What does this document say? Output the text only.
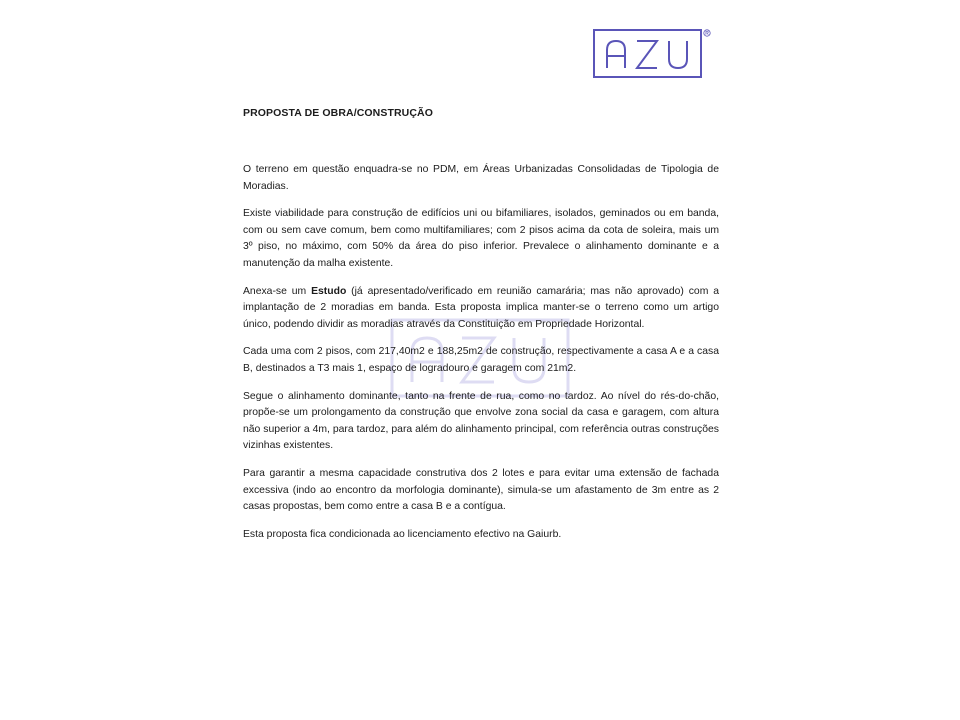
PROPOSTA DE OBRA/CONSTRUÇÃO

O terreno em questão enquadra-se no PDM, em Áreas Urbanizadas Consolidadas de Tipologia de Moradias.

Existe viabilidade para construção de edifícios uni ou bifamiliares, isolados, geminados ou em banda, com ou sem cave comum, bem como multifamiliares; com 2 pisos acima da cota de soleira, mais um 3º piso, no máximo, com 50% da área do piso inferior. Prevalece o alinhamento dominante e a manutenção da malha existente.

Anexa-se um Estudo (já apresentado/verificado em reunião camarária; mas não aprovado) com a implantação de 2 moradias em banda. Esta proposta implica manter-se o terreno como um artigo único, podendo dividir as moradias através da Constituição em Propriedade Horizontal.

Cada uma com 2 pisos, com 217,40m2 e 188,25m2 de construção, respectivamente a casa A e a casa B, destinados a T3 mais 1, espaço de logradouro e garagem com 21m2.

Segue o alinhamento dominante, tanto na frente de rua, como no tardoz. Ao nível do rés-do-chão, propõe-se um prolongamento da construção que envolve zona social da casa e garagem, com altura não superior a 4m, para tardoz, para além do alinhamento principal, com referência outras construções vizinhas existentes.

Para garantir a mesma capacidade construtiva dos 2 lotes e para evitar uma extensão de fachada excessiva (indo ao encontro da morfologia dominante), simula-se um afastamento de 3m entre as 2 casas propostas, bem como entre a casa B e a contígua.

Esta proposta fica condicionada ao licenciamento efectivo na Gaiurb.
